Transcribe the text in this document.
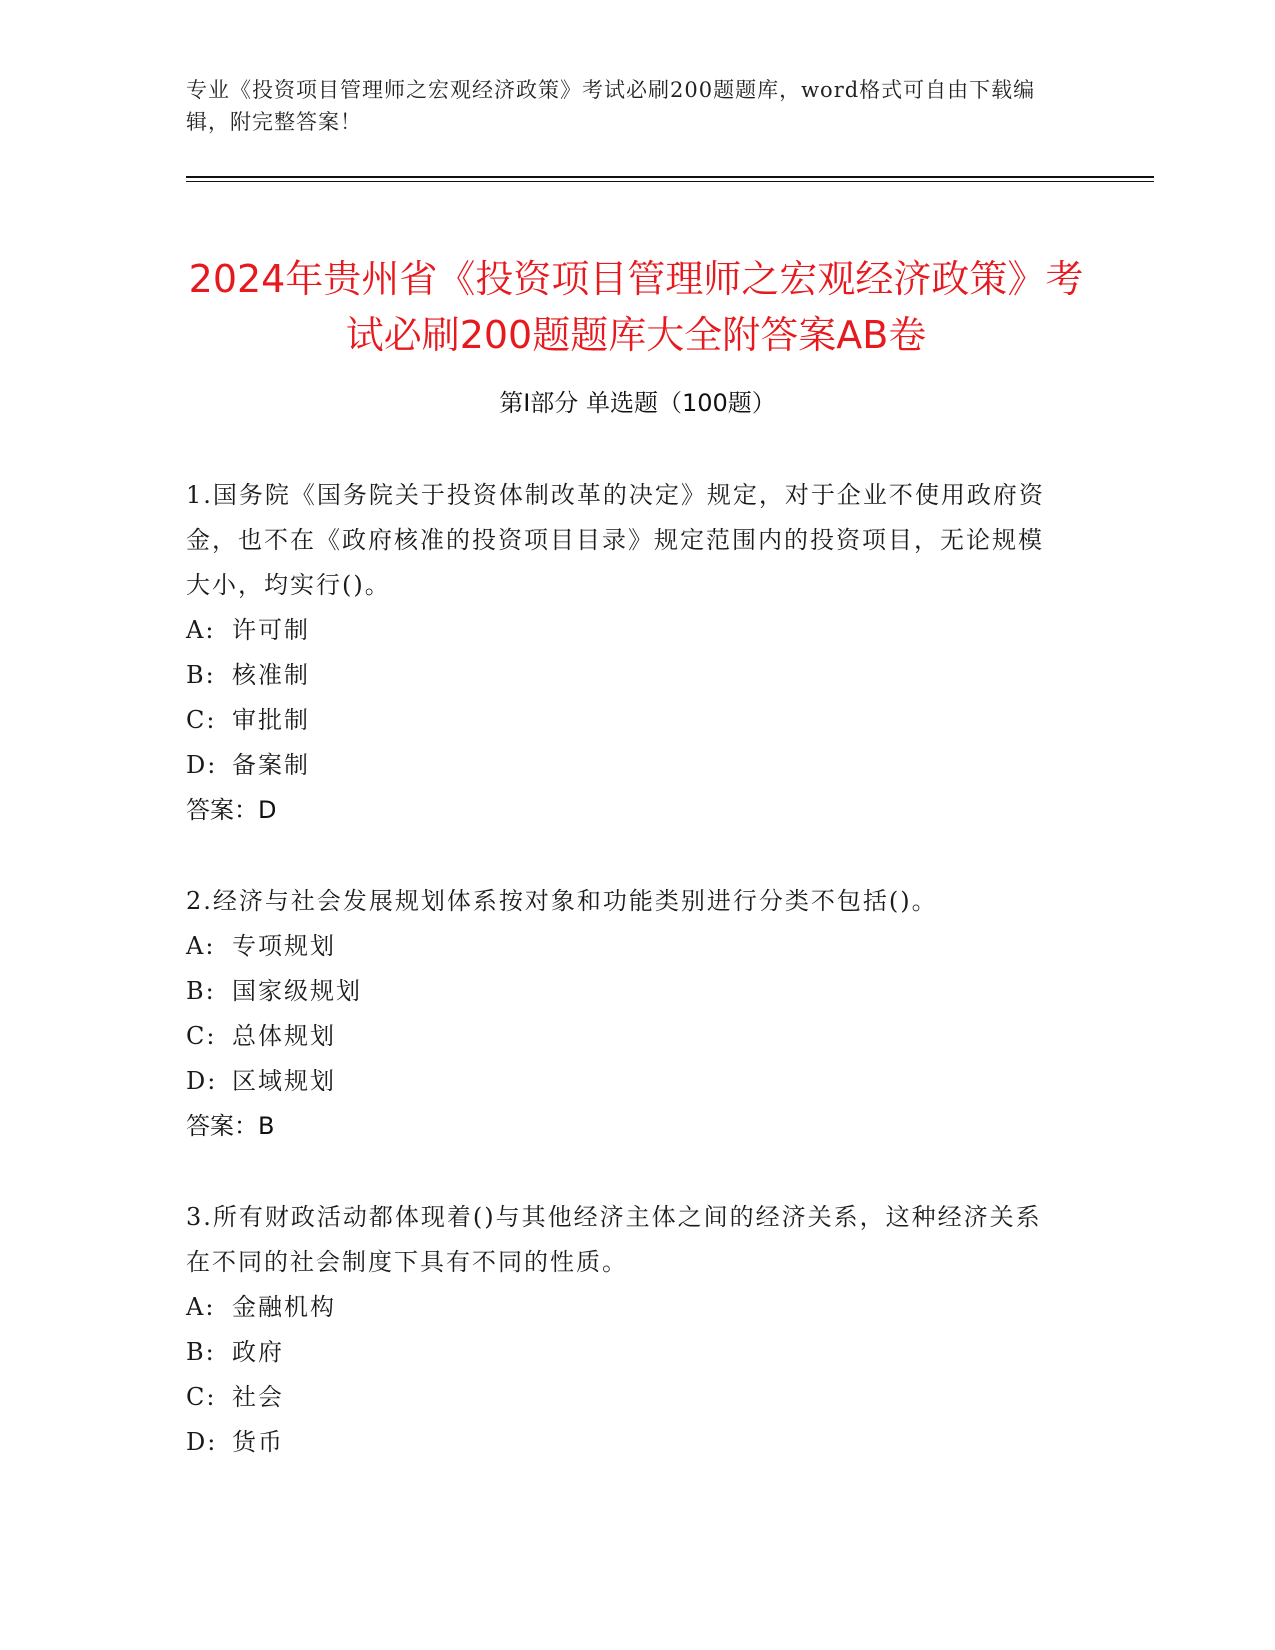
专业《投资项目管理师之宏观经济政策》考试必刷200题题库，word格式可自由下载编辑，附完整答案！
2024年贵州省《投资项目管理师之宏观经济政策》考试必刷200题题库大全附答案AB卷
第I部分 单选题（100题）

1.国务院《国务院关于投资体制改革的决定》规定，对于企业不使用政府资金，也不在《政府核准的投资项目目录》规定范围内的投资项目，无论规模大小，均实行()。

A: 许可制

B: 核准制

C: 审批制

D: 备案制

答案：D

2.经济与社会发展规划体系按对象和功能类别进行分类不包括()。

A: 专项规划

B: 国家级规划

C: 总体规划

D: 区域规划

答案：B

3.所有财政活动都体现着()与其他经济主体之间的经济关系，这种经济关系在不同的社会制度下具有不同的性质。

A: 金融机构

B: 政府

C: 社会

D: 货币
